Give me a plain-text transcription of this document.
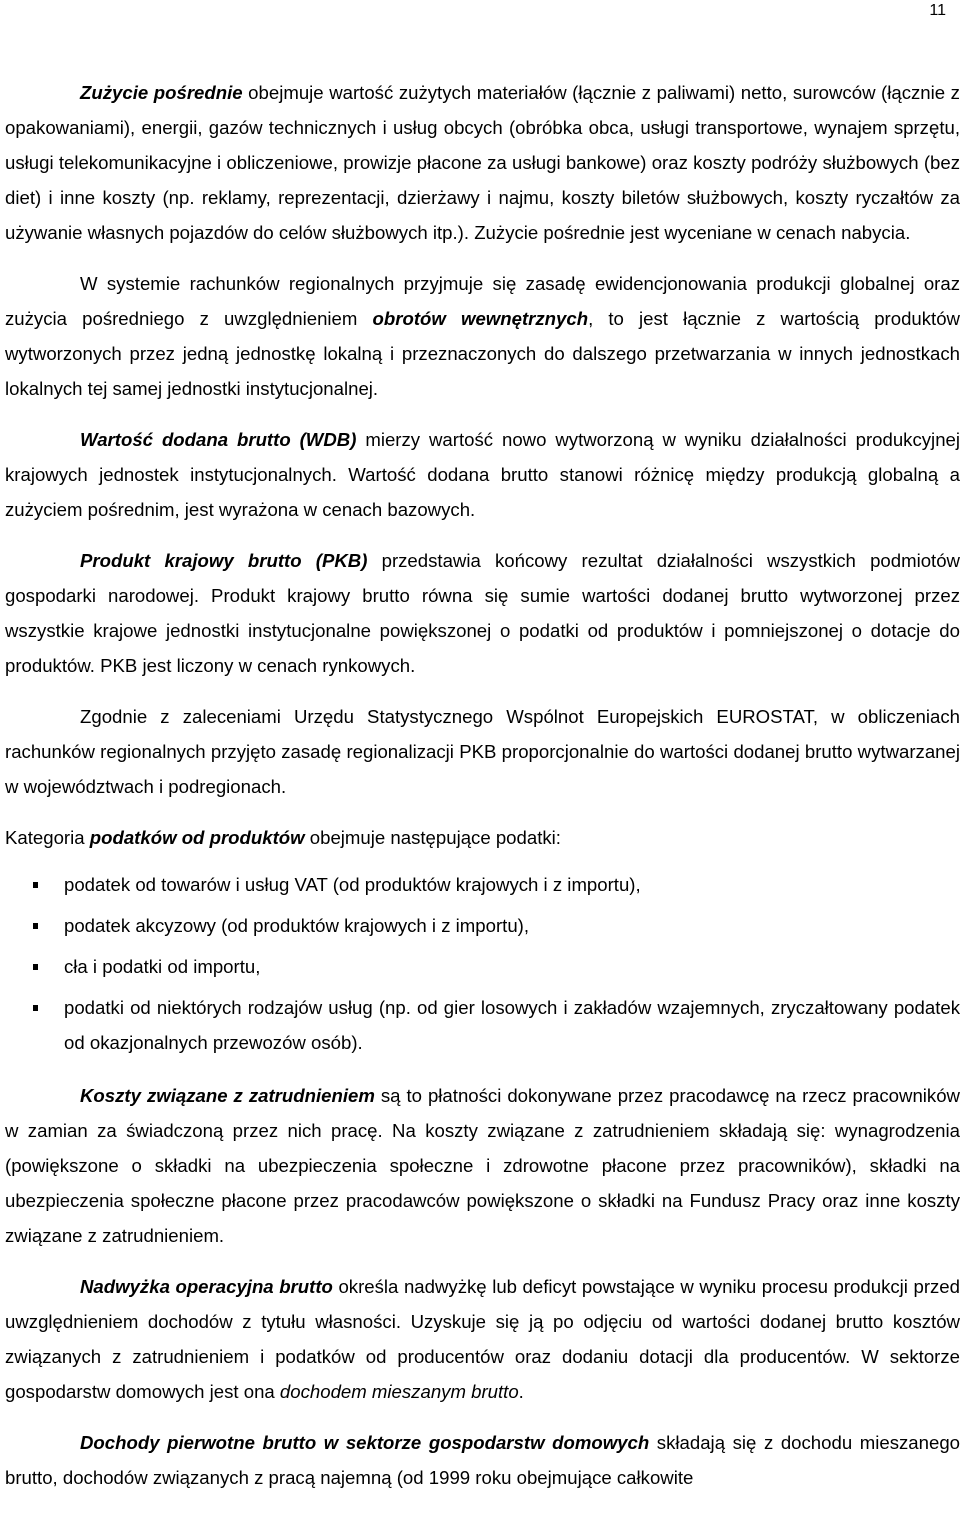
11

Zużycie pośrednie obejmuje wartość zużytych materiałów (łącznie z paliwami) netto, surowców (łącznie z opakowaniami), energii, gazów technicznych i usług obcych (obróbka obca, usługi transportowe, wynajem sprzętu, usługi telekomunikacyjne i obliczeniowe, prowizje płacone za usługi bankowe) oraz koszty podróży służbowych (bez diet) i inne koszty (np. reklamy, reprezentacji, dzierżawy i najmu, koszty biletów służbowych, koszty ryczałtów za używanie własnych pojazdów do celów służbowych itp.). Zużycie pośrednie jest wyceniane w cenach nabycia.

W systemie rachunków regionalnych przyjmuje się zasadę ewidencjonowania produkcji globalnej oraz zużycia pośredniego z uwzględnieniem obrotów wewnętrznych, to jest łącznie z wartością produktów wytworzonych przez jedną jednostkę lokalną i przeznaczonych do dalszego przetwarzania w innych jednostkach lokalnych tej samej jednostki instytucjonalnej.

Wartość dodana brutto (WDB) mierzy wartość nowo wytworzoną w wyniku działalności produkcyjnej krajowych jednostek instytucjonalnych. Wartość dodana brutto stanowi różnicę między produkcją globalną a zużyciem pośrednim, jest wyrażona w cenach bazowych.

Produkt krajowy brutto (PKB) przedstawia końcowy rezultat działalności wszystkich podmiotów gospodarki narodowej. Produkt krajowy brutto równa się sumie wartości dodanej brutto wytworzonej przez wszystkie krajowe jednostki instytucjonalne powiększonej o podatki od produktów i pomniejszonej o dotacje do produktów. PKB jest liczony w cenach rynkowych.

Zgodnie z zaleceniami Urzędu Statystycznego Wspólnot Europejskich EUROSTAT, w obliczeniach rachunków regionalnych przyjęto zasadę regionalizacji PKB proporcjonalnie do wartości dodanej brutto wytwarzanej w województwach i podregionach.

Kategoria podatków od produktów obejmuje następujące podatki:

podatek od towarów i usług VAT (od produktów krajowych i z importu),
podatek akcyzowy (od produktów krajowych i z importu),
cła i podatki od importu,
podatki od niektórych rodzajów usług (np. od gier losowych i zakładów wzajemnych, zryczałtowany podatek od okazjonalnych przewozów osób).

Koszty związane z zatrudnieniem są to płatności dokonywane przez pracodawcę na rzecz pracowników w zamian za świadczoną przez nich pracę. Na koszty związane z zatrudnieniem składają się: wynagrodzenia (powiększone o składki na ubezpieczenia społeczne i zdrowotne płacone przez pracowników), składki na ubezpieczenia społeczne płacone przez pracodawców powiększone o składki na Fundusz Pracy oraz inne koszty związane z zatrudnieniem.

Nadwyżka operacyjna brutto określa nadwyżkę lub deficyt powstające w wyniku procesu produkcji przed uwzględnieniem dochodów z tytułu własności. Uzyskuje się ją po odjęciu od wartości dodanej brutto kosztów związanych z zatrudnieniem i podatków od producentów oraz dodaniu dotacji dla producentów. W sektorze gospodarstw domowych jest ona dochodem mieszanym brutto.

Dochody pierwotne brutto w sektorze gospodarstw domowych składają się z dochodu mieszanego brutto, dochodów związanych z pracą najemną (od 1999 roku obejmujące całkowite
